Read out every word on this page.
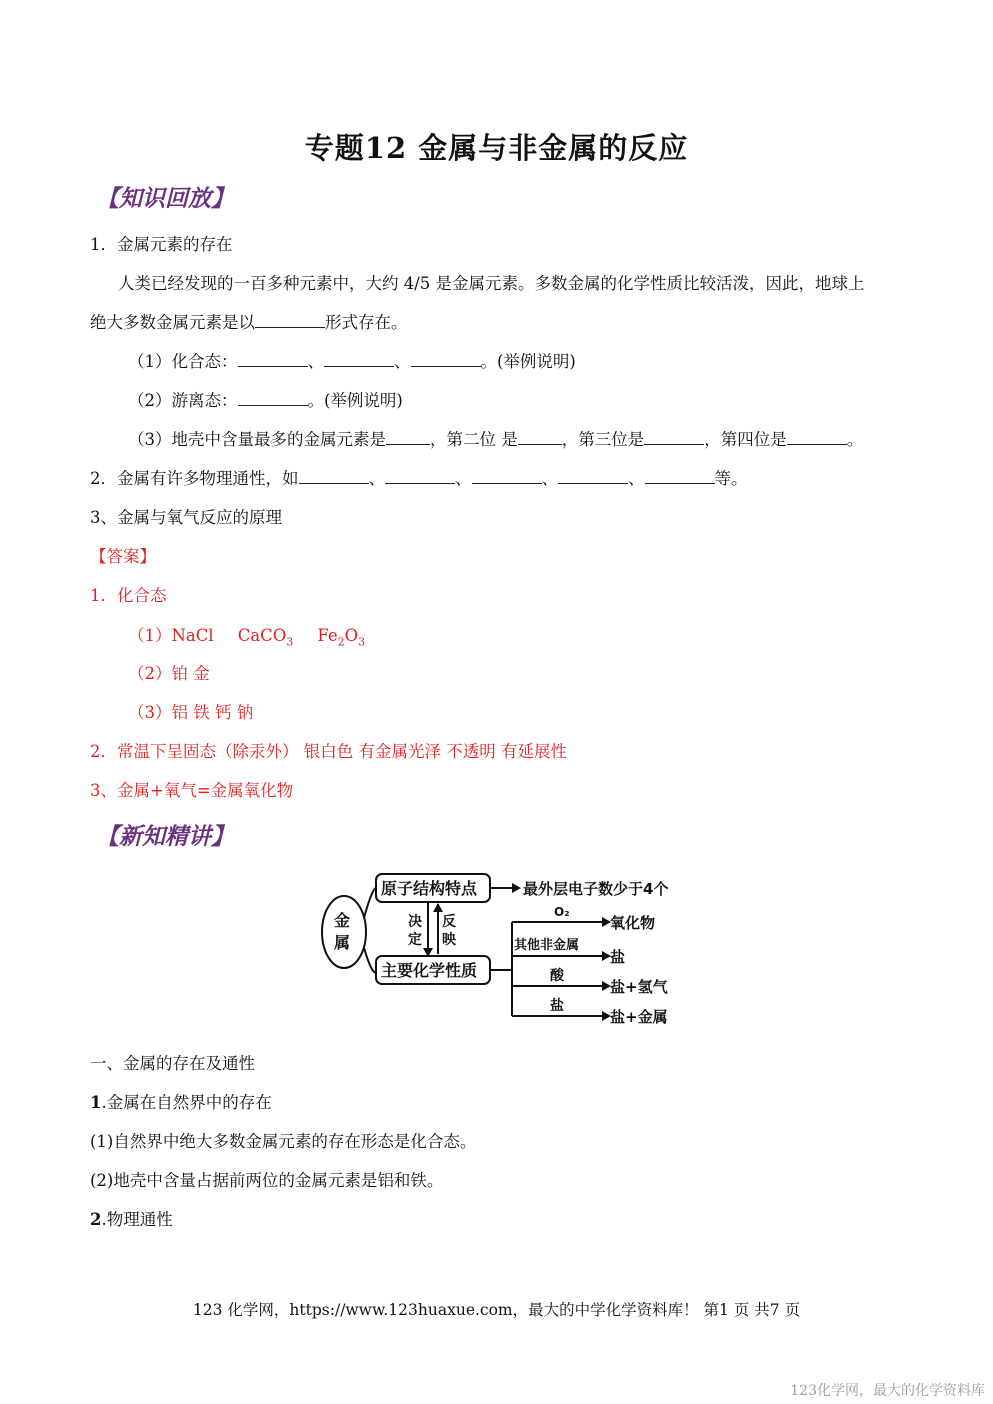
专题12 金属与非金属的反应
【知识回放】
1．金属元素的存在
人类已经发现的一百多种元素中，大约 4/5 是金属元素。多数金属的化学性质比较活泼，因此，地球上
绝大多数金属元素是以	形式存在。
（1）化合态：	、	、	。(举例说明)
（2）游离态：	。(举例说明)
（3）地壳中含量最多的金属元素是	，第二位 是	，第三位是	，第四位是	。
2．金属有许多物理通性，如	、	、	、	、	等。
3、金属与氧气反应的原理
【答案】
1．化合态
（1）NaCl CaCO$_3$ $Fe_2O_3$
（2）铂 金
（3）铝 铁 钙 钠
2．常温下呈固态（除汞外） 银白色 有金属光泽 不透明 有延展性
3、金属+氧气=金属氧化物
【新知精讲】
金
属
原子结构特点
主要化学性质
最外层电子数少于4个
决
定
反
映
O₂
氧化物
其他非金属
盐
酸
盐+氢气
盐
盐+金属
一、金属的存在及通性
1.金属在自然界中的存在
(1)自然界中绝大多数金属元素的存在形态是化合态。
(2)地壳中含量占据前两位的金属元素是铝和铁。
2.物理通性
123 化学网，https://www.123huaxue.com，最大的中学化学资料库！ 第1 页 共7 页
123化学网，最大的化学资料库
